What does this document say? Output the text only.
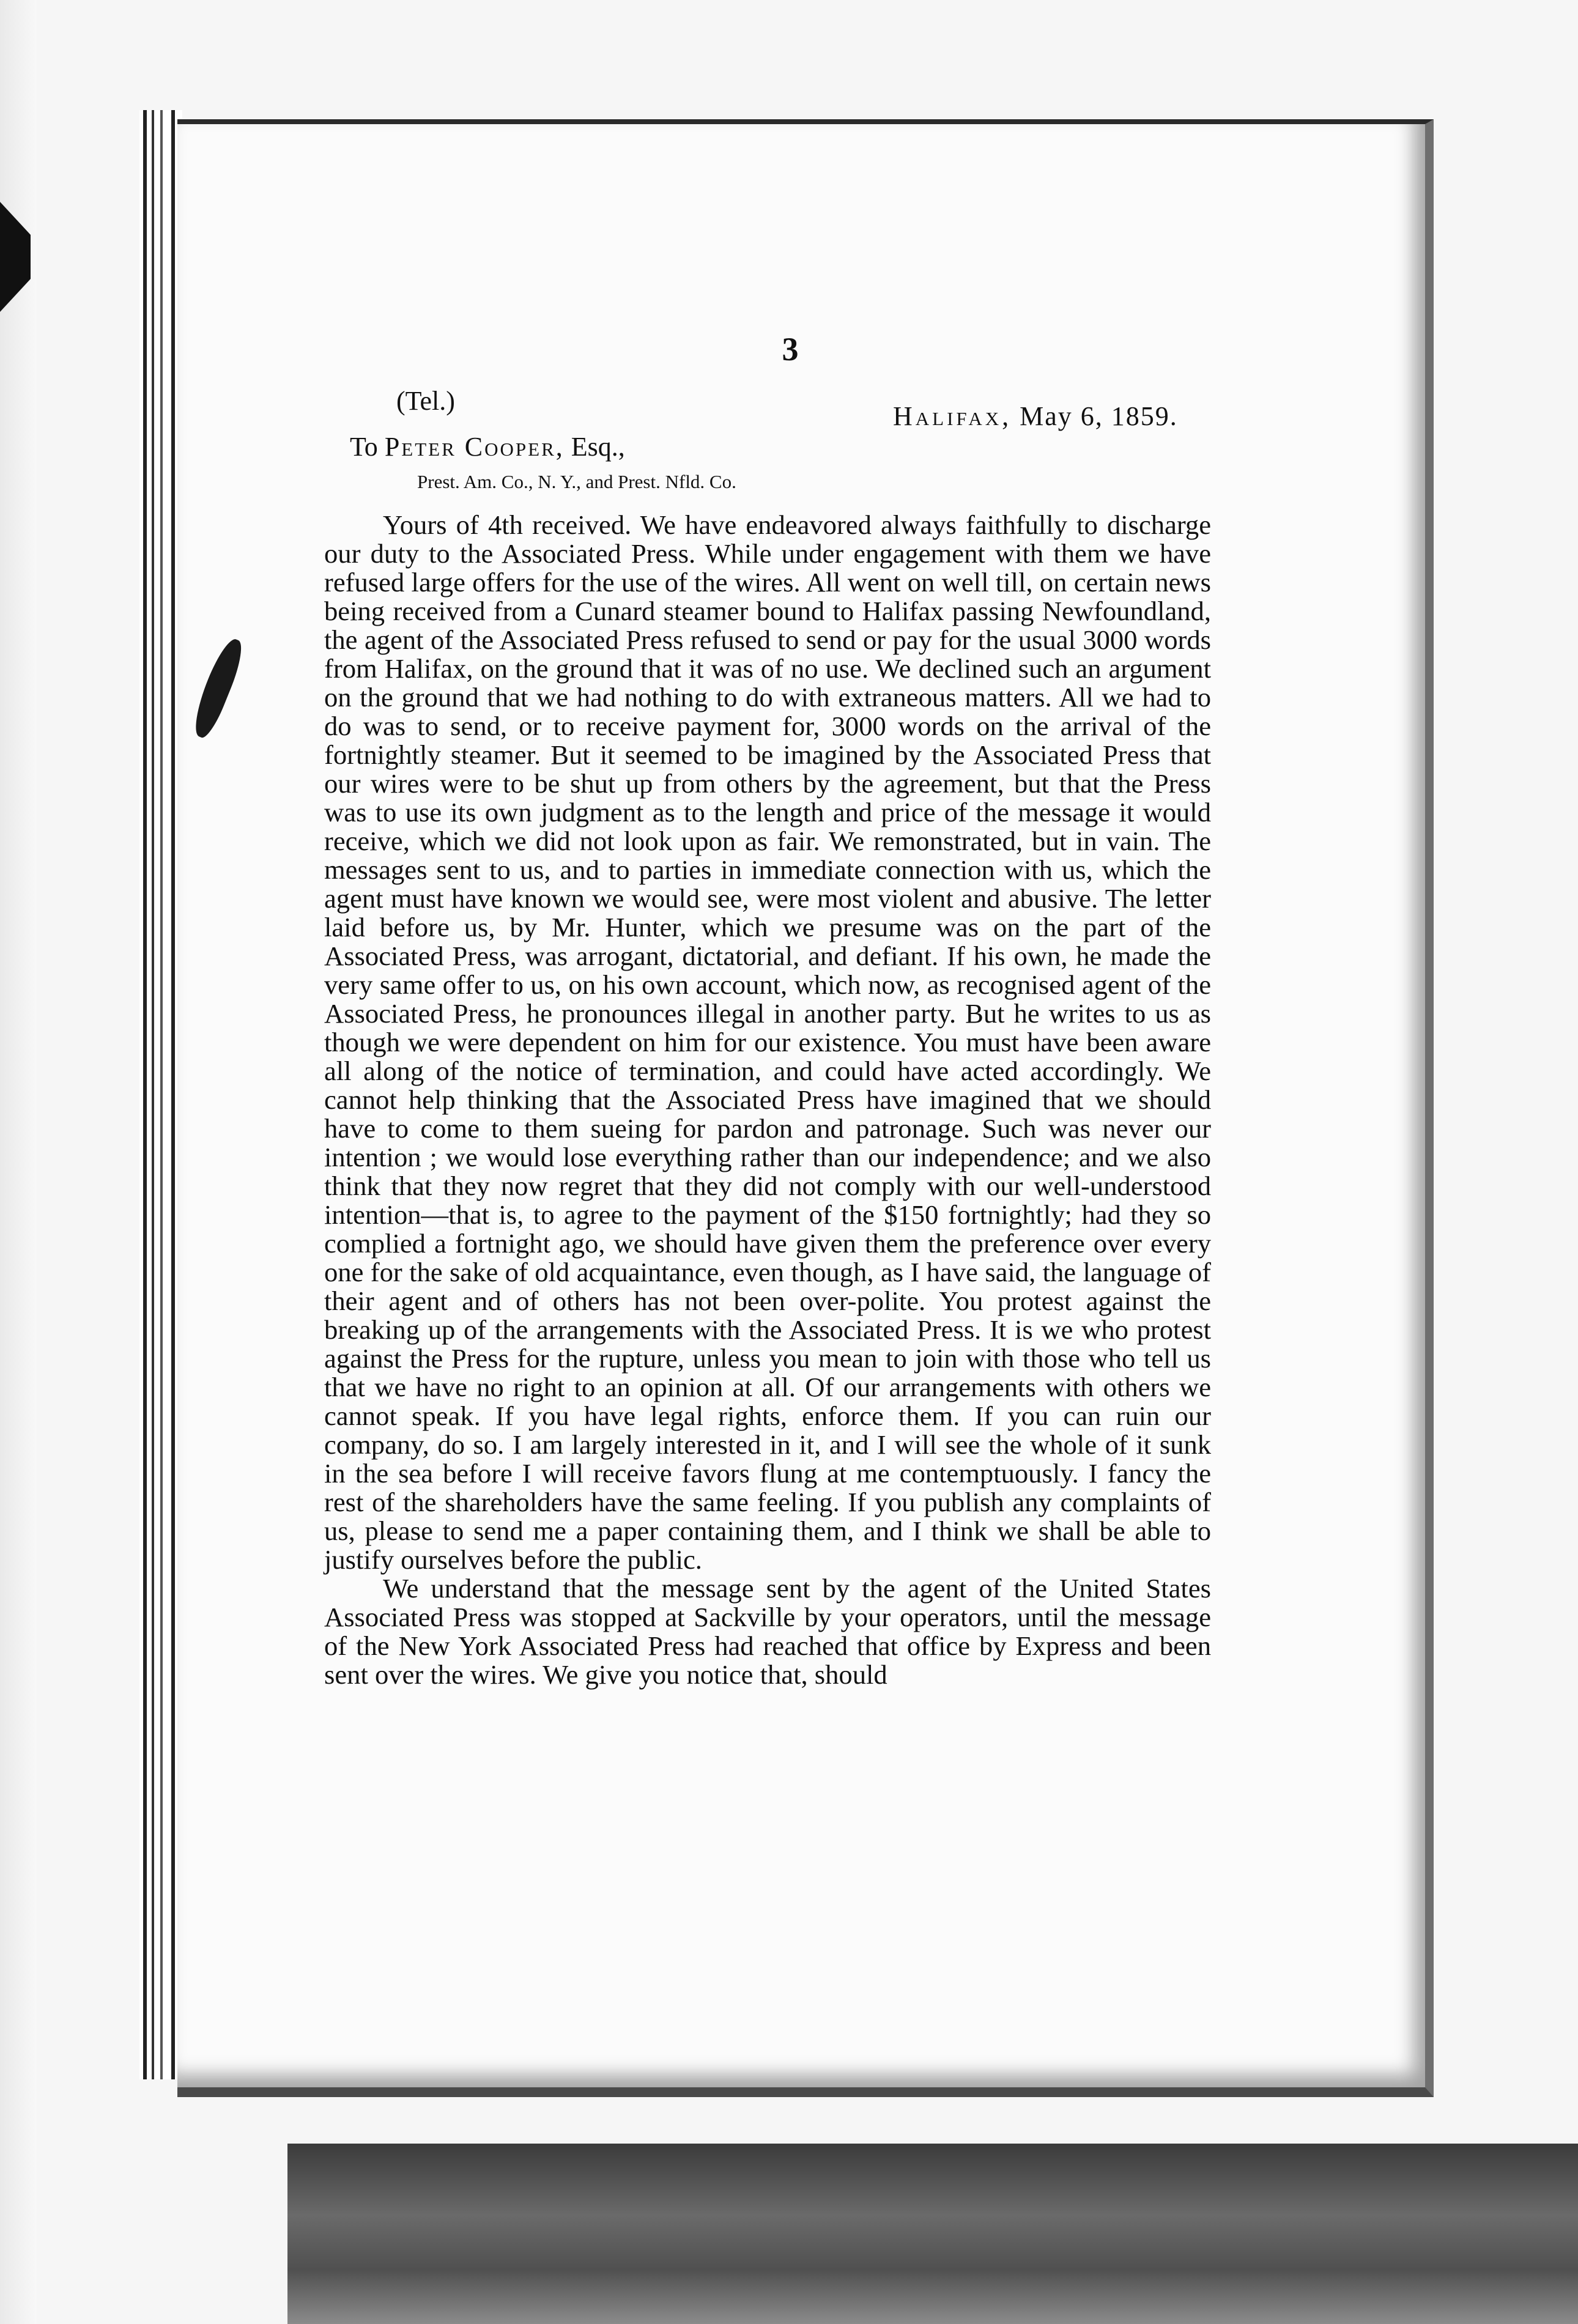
3
(Tel.)
Halifax, May 6, 1859.
To Peter Cooper, Esq.,
Prest. Am. Co., N. Y., and Prest. Nfld. Co.

Yours of 4th received. We have endeavored always faithfully to discharge our duty to the Associated Press. While under engagement with them we have refused large offers for the use of the wires. All went on well till, on certain news being received from a Cunard steamer bound to Halifax passing Newfoundland, the agent of the Associated Press refused to send or pay for the usual 3000 words from Halifax, on the ground that it was of no use. We declined such an argument on the ground that we had nothing to do with extraneous matters. All we had to do was to send, or to receive payment for, 3000 words on the arrival of the fortnightly steamer. But it seemed to be imagined by the Associated Press that our wires were to be shut up from others by the agreement, but that the Press was to use its own judgment as to the length and price of the message it would receive, which we did not look upon as fair. We remonstrated, but in vain. The messages sent to us, and to parties in immediate connection with us, which the agent must have known we would see, were most violent and abusive. The letter laid before us, by Mr. Hunter, which we presume was on the part of the Associated Press, was arrogant, dictatorial, and defiant. If his own, he made the very same offer to us, on his own account, which now, as recognised agent of the Associated Press, he pronounces illegal in another party. But he writes to us as though we were dependent on him for our existence. You must have been aware all along of the notice of termination, and could have acted accordingly. We cannot help thinking that the Associated Press have imagined that we should have to come to them sueing for pardon and patronage. Such was never our intention ; we would lose everything rather than our independence; and we also think that they now regret that they did not comply with our well-understood intention—that is, to agree to the payment of the $150 fortnightly; had they so complied a fortnight ago, we should have given them the preference over every one for the sake of old acquaintance, even though, as I have said, the language of their agent and of others has not been over-polite. You protest against the breaking up of the arrangements with the Associated Press. It is we who protest against the Press for the rupture, unless you mean to join with those who tell us that we have no right to an opinion at all. Of our arrangements with others we cannot speak. If you have legal rights, enforce them. If you can ruin our company, do so. I am largely interested in it, and I will see the whole of it sunk in the sea before I will receive favors flung at me contemptuously. I fancy the rest of the shareholders have the same feeling. If you publish any complaints of us, please to send me a paper containing them, and I think we shall be able to justify ourselves before the public.

We understand that the message sent by the agent of the United States Associated Press was stopped at Sackville by your operators, until the message of the New York Associated Press had reached that office by Express and been sent over the wires. We give you notice that, should
